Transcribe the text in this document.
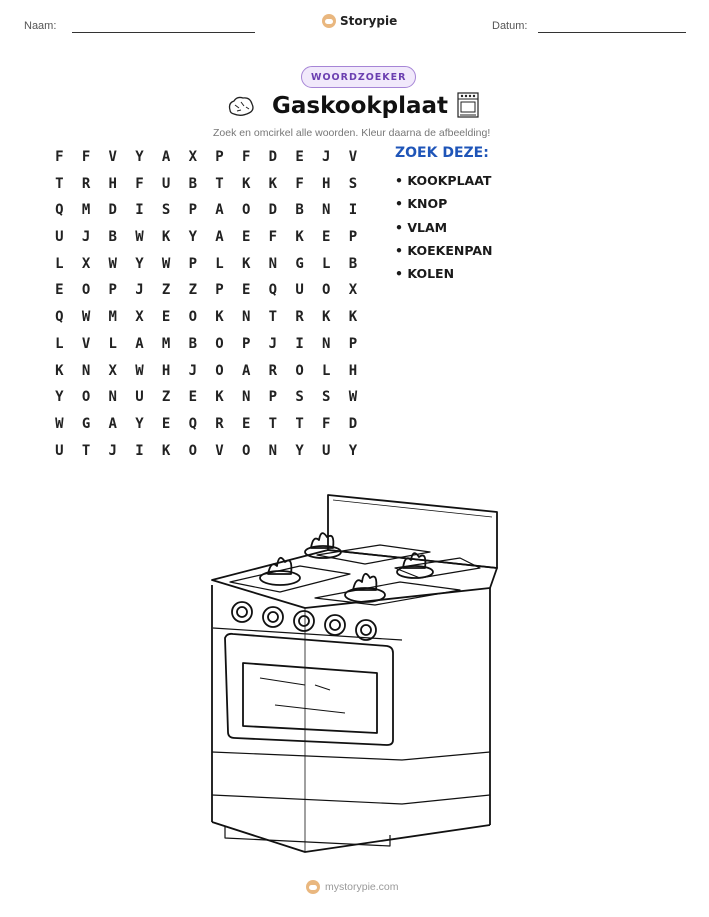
Naam:	Storypie	Datum:
WOORDZOEKER
Gaskookplaat
Zoek en omcirkel alle woorden. Kleur daarna de afbeelding!
F	F	V	Y	A	X	P	F	D	E	J	V
T	R	H	F	U	B	T	K	K	F	H	S
Q	M	D	I	S	P	A	O	D	B	N	I
U	J	B	W	K	Y	A	E	F	K	E	P
L	X	W	Y	W	P	L	K	N	G	L	B
E	O	P	J	Z	Z	P	E	Q	U	O	X
Q	W	M	X	E	O	K	N	T	R	K	K
L	V	L	A	M	B	O	P	J	I	N	P
K	N	X	W	H	J	O	A	R	O	L	H
Y	O	N	U	Z	E	K	N	P	S	S	W
W	G	A	Y	E	Q	R	E	T	T	F	D
U	T	J	I	K	O	V	O	N	Y	U	Y
ZOEK DEZE:
• KOOKPLAAT
• KNOP
• VLAM
• KOEKENPAN
• KOLEN
mystorypie.com
